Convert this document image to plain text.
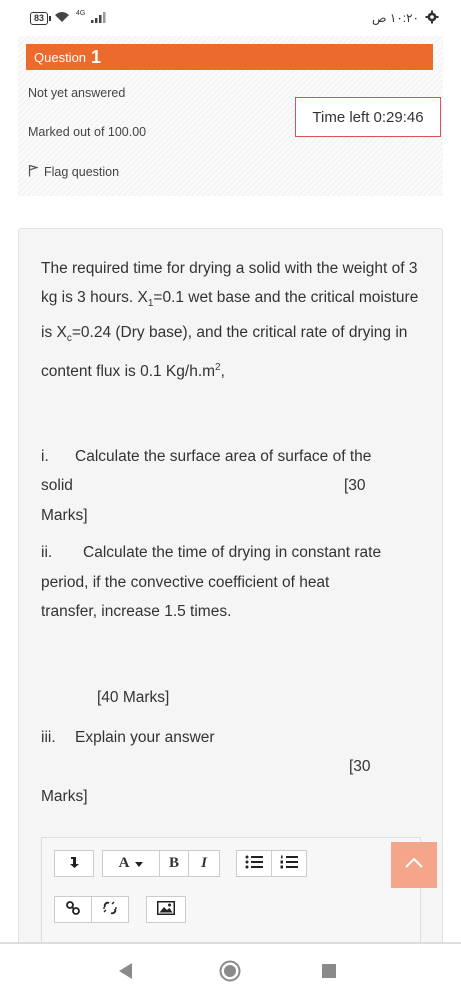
83	4G	١٠:٢٠ ص
Question 1
Not yet answered
Marked out of 100.00
Flag question
Time left 0:29:46
The required time for drying a solid with the weight of 3 kg is 3 hours. $X_1=0.1$ wet base and the critical moisture is $X_c=0.24$ (Dry base), and the critical rate of drying in content flux is 0.1 $Kg/h.m^2$,
i. Calculate the surface area of surface of the
solid	[30
Marks]
ii. Calculate the time of drying in constant rate
period, if the convective coefficient of heat
transfer, increase 1.5 times.
[40 Marks]
iii. Explain your answer
[30
Marks]
A	B	I
